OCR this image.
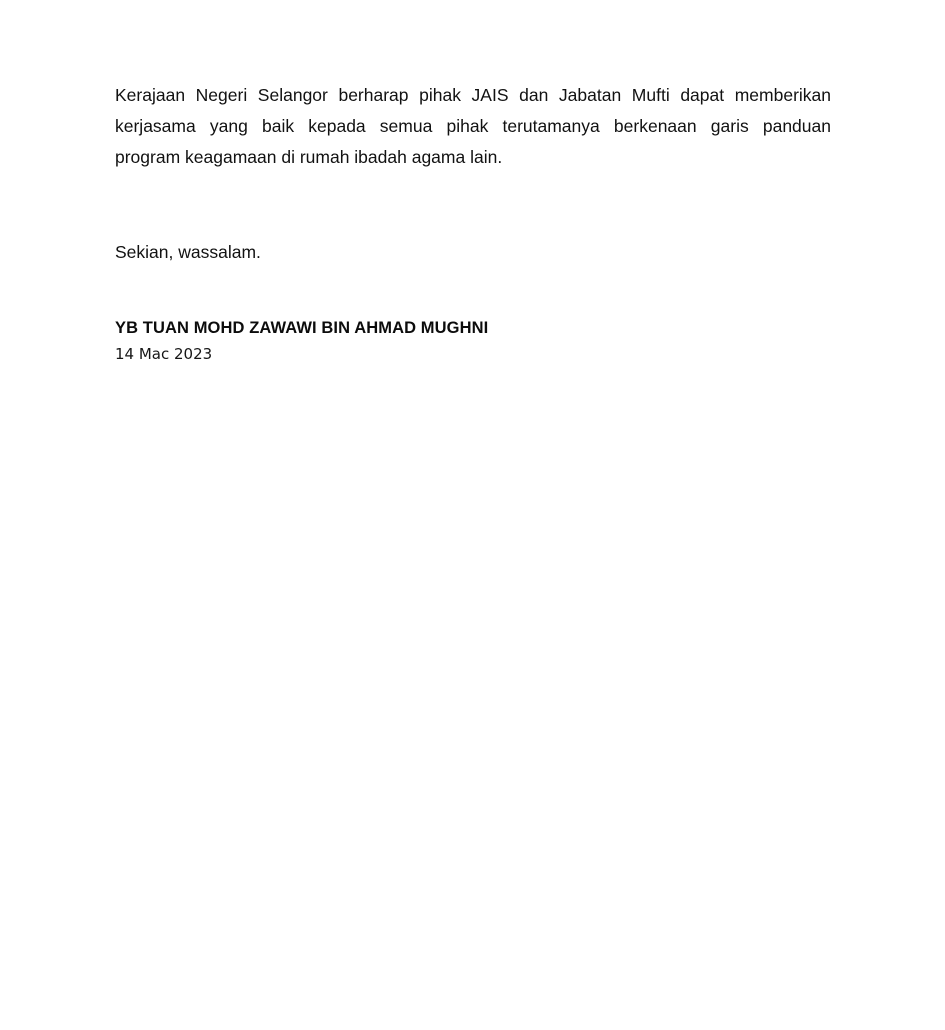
Kerajaan Negeri Selangor berharap pihak JAIS dan Jabatan Mufti dapat memberikan
kerjasama yang baik kepada semua pihak terutamanya berkenaan garis panduan
program keagamaan di rumah ibadah agama lain.

Sekian, wassalam.

YB TUAN MOHD ZAWAWI BIN AHMAD MUGHNI

14 Mac 2023
